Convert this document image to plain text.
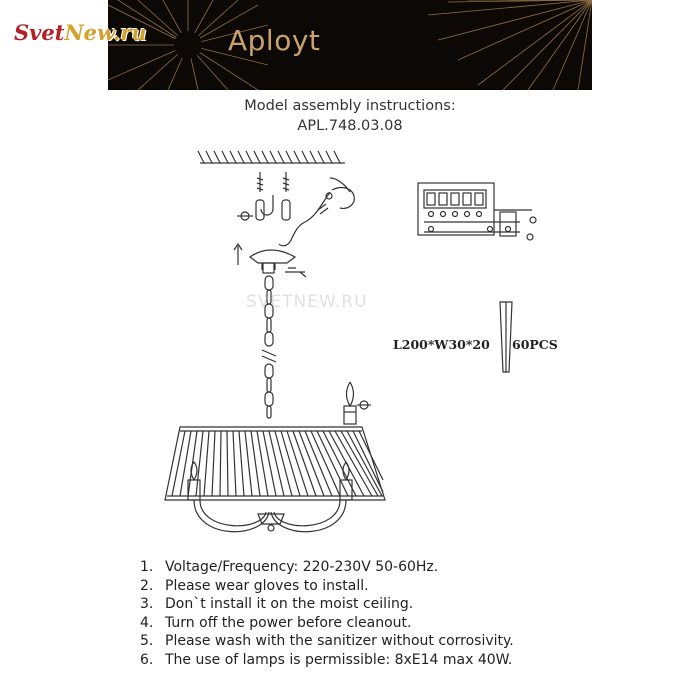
Aployt
SvetNew.ru
Model assembly instructions:
APL.748.03.08
SVETNEW.RU
L200*W30*20 60PCS
1. Voltage/Frequency: 220-230V 50-60Hz.
2. Please wear gloves to install.
3. Don`t install it on the moist ceiling.
4. Turn off the power before cleanout.
5. Please wash with the sanitizer without corrosivity.
6. The use of lamps is permissible: 8xE14 max 40W.
